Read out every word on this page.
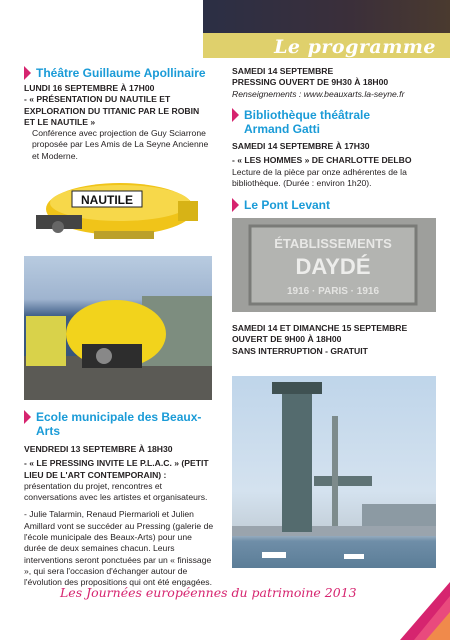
Le programme
Théâtre Guillaume Apollinaire

LUNDI 16 SEPTEMBRE À 17H00

- « PRÉSENTATION DU NAUTILE ET EXPLORATION DU TITANIC PAR LE ROBIN ET LE NAUTILE »

Conférence avec projection de Guy Sciarrone proposée par Les Amis de La Seyne Ancienne et Moderne.

NAUTILE

SAMEDI 14 SEPTEMBRE

PRESSING OUVERT DE 9H30 À 18H00

Renseignements : www.beauxarts.la-seyne.fr

Bibliothèque théâtrale
Armand Gatti

SAMEDI 14 SEPTEMBRE À 17H30

- « LES HOMMES » DE CHARLOTTE DELBO

Lecture de la pièce par onze adhérentes de la bibliothèque. (Durée : environ 1h20).

Le Pont Levant
ÉTABLISSEMENTS
DAYDÉ
1916 · PARIS · 1916

SAMEDI 14 ET DIMANCHE 15 SEPTEMBRE

OUVERT DE 9H00 À 18H00

SANS INTERRUPTION - GRATUIT

Ecole municipale des Beaux-Arts

VENDREDI 13 SEPTEMBRE À 18H30

- « LE PRESSING INVITE LE P.L.A.C. » (PETIT LIEU DE L'ART CONTEMPORAIN) : présentation du projet, rencontres et conversations avec les artistes et organisateurs.

- Julie Talarmin, Renaud Piermarioli et Julien Amillard vont se succéder au Pressing (galerie de l'école municipale des Beaux-Arts) pour une durée de deux semaines chacun. Leurs interventions seront ponctuées par un « finissage », qui sera l'occasion d'échanger autour de l'évolution des propositions qui ont été engagées.

Les Journées européennes du patrimoine 2013	7
